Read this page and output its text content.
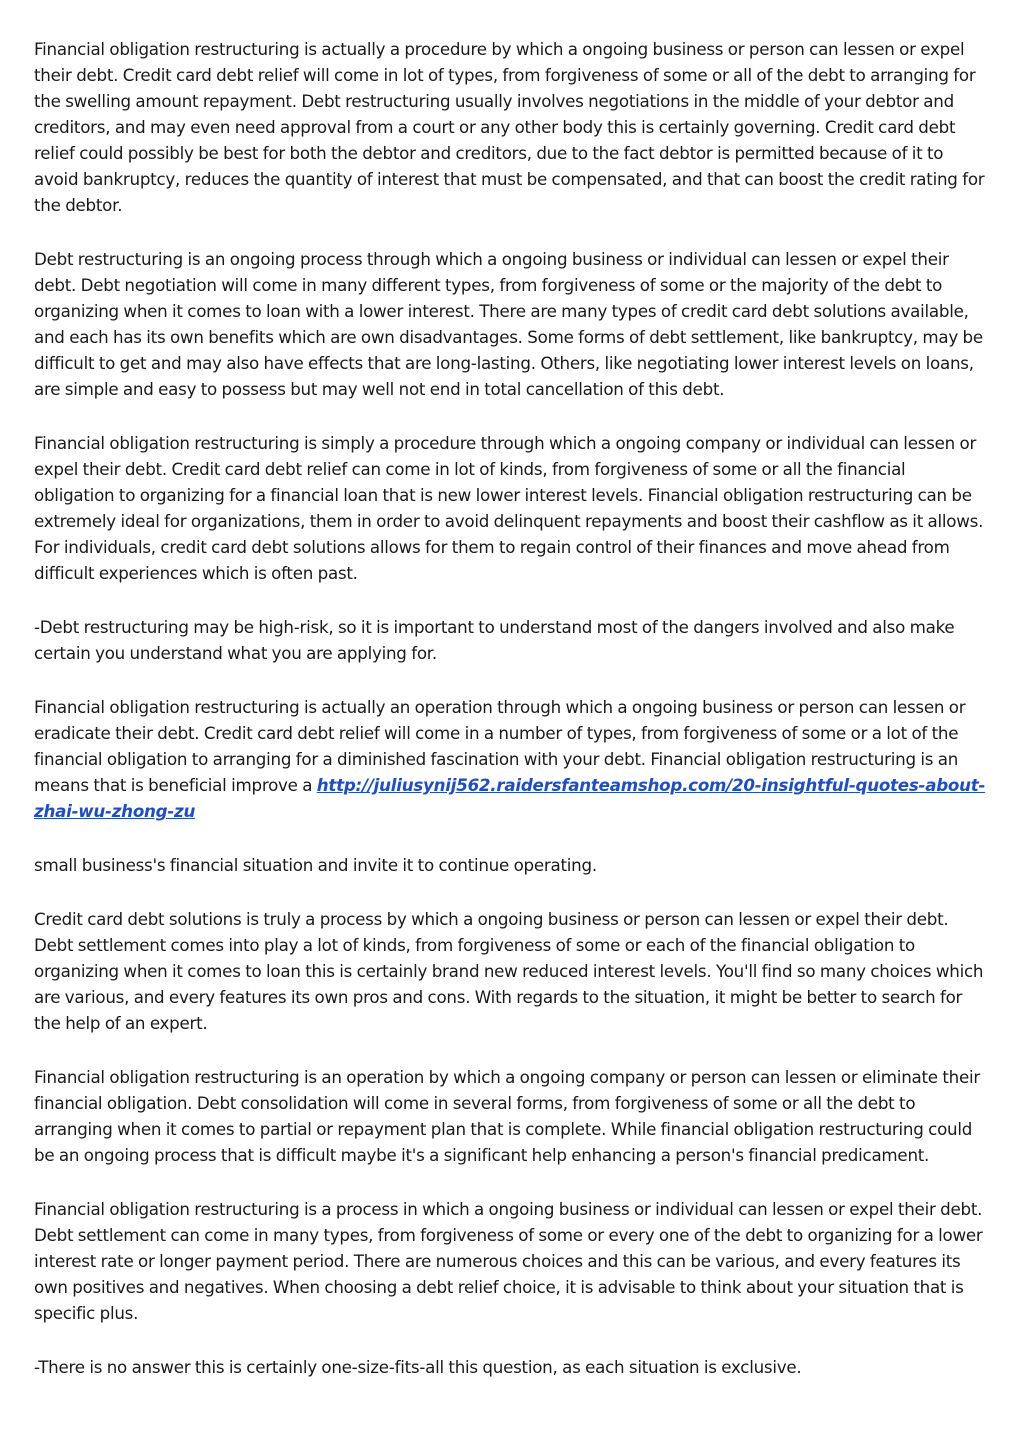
Financial obligation restructuring is actually a procedure by which a ongoing business or person can lessen or expel their debt. Credit card debt relief will come in lot of types, from forgiveness of some or all of the debt to arranging for the swelling amount repayment. Debt restructuring usually involves negotiations in the middle of your debtor and creditors, and may even need approval from a court or any other body this is certainly governing. Credit card debt relief could possibly be best for both the debtor and creditors, due to the fact debtor is permitted because of it to avoid bankruptcy, reduces the quantity of interest that must be compensated, and that can boost the credit rating for the debtor.

Debt restructuring is an ongoing process through which a ongoing business or individual can lessen or expel their debt. Debt negotiation will come in many different types, from forgiveness of some or the majority of the debt to organizing when it comes to loan with a lower interest. There are many types of credit card debt solutions available, and each has its own benefits which are own disadvantages. Some forms of debt settlement, like bankruptcy, may be difficult to get and may also have effects that are long-lasting. Others, like negotiating lower interest levels on loans, are simple and easy to possess but may well not end in total cancellation of this debt.

Financial obligation restructuring is simply a procedure through which a ongoing company or individual can lessen or expel their debt. Credit card debt relief can come in lot of kinds, from forgiveness of some or all the financial obligation to organizing for a financial loan that is new lower interest levels. Financial obligation restructuring can be extremely ideal for organizations, them in order to avoid delinquent repayments and boost their cashflow as it allows. For individuals, credit card debt solutions allows for them to regain control of their finances and move ahead from difficult experiences which is often past.

-Debt restructuring may be high-risk, so it is important to understand most of the dangers involved and also make certain you understand what you are applying for.

Financial obligation restructuring is actually an operation through which a ongoing business or person can lessen or eradicate their debt. Credit card debt relief will come in a number of types, from forgiveness of some or a lot of the financial obligation to arranging for a diminished fascination with your debt. Financial obligation restructuring is an means that is beneficial improve a http://juliusynij562.raidersfanteamshop.com/20-insightful-quotes-about-zhai-wu-zhong-zu

small business's financial situation and invite it to continue operating.

Credit card debt solutions is truly a process by which a ongoing business or person can lessen or expel their debt. Debt settlement comes into play a lot of kinds, from forgiveness of some or each of the financial obligation to organizing when it comes to loan this is certainly brand new reduced interest levels. You'll find so many choices which are various, and every features its own pros and cons. With regards to the situation, it might be better to search for the help of an expert.

Financial obligation restructuring is an operation by which a ongoing company or person can lessen or eliminate their financial obligation. Debt consolidation will come in several forms, from forgiveness of some or all the debt to arranging when it comes to partial or repayment plan that is complete. While financial obligation restructuring could be an ongoing process that is difficult maybe it's a significant help enhancing a person's financial predicament.

Financial obligation restructuring is a process in which a ongoing business or individual can lessen or expel their debt. Debt settlement can come in many types, from forgiveness of some or every one of the debt to organizing for a lower interest rate or longer payment period. There are numerous choices and this can be various, and every features its own positives and negatives. When choosing a debt relief choice, it is advisable to think about your situation that is specific plus.

-There is no answer this is certainly one-size-fits-all this question, as each situation is exclusive.
